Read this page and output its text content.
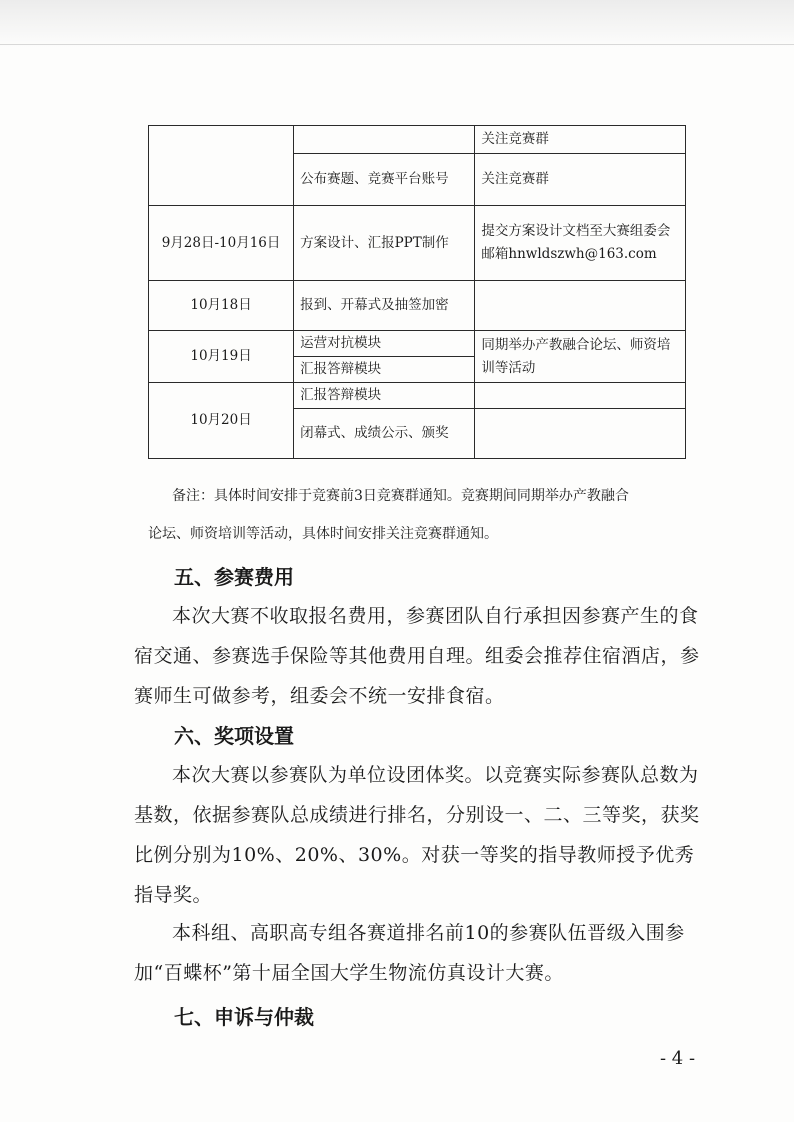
		关注竞赛群
	公布赛题、竞赛平台账号	关注竞赛群
9月28日-10月16日	方案设计、汇报PPT制作	提交方案设计文档至大赛组委会邮箱hnwldszwh@163.com
10月18日	报到、开幕式及抽签加密	
10月19日	运营对抗模块	同期举办产教融合论坛、师资培训等活动
	汇报答辩模块	
10月20日	汇报答辩模块	
	闭幕式、成绩公示、颁奖	
备注：具体时间安排于竞赛前3日竞赛群通知。竞赛期间同期举办产教融合
论坛、师资培训等活动，具体时间安排关注竞赛群通知。
五、参赛费用

本次大赛不收取报名费用，参赛团队自行承担因参赛产生的食宿交通、参赛选手保险等其他费用自理。组委会推荐住宿酒店，参赛师生可做参考，组委会不统一安排食宿。

六、奖项设置

本次大赛以参赛队为单位设团体奖。以竞赛实际参赛队总数为基数，依据参赛队总成绩进行排名，分别设一、二、三等奖，获奖比例分别为10%、20%、30%。对获一等奖的指导教师授予优秀指导奖。

本科组、高职高专组各赛道排名前10的参赛队伍晋级入围参加“百蝶杯”第十届全国大学生物流仿真设计大赛。

七、申诉与仲裁
- 4 -
